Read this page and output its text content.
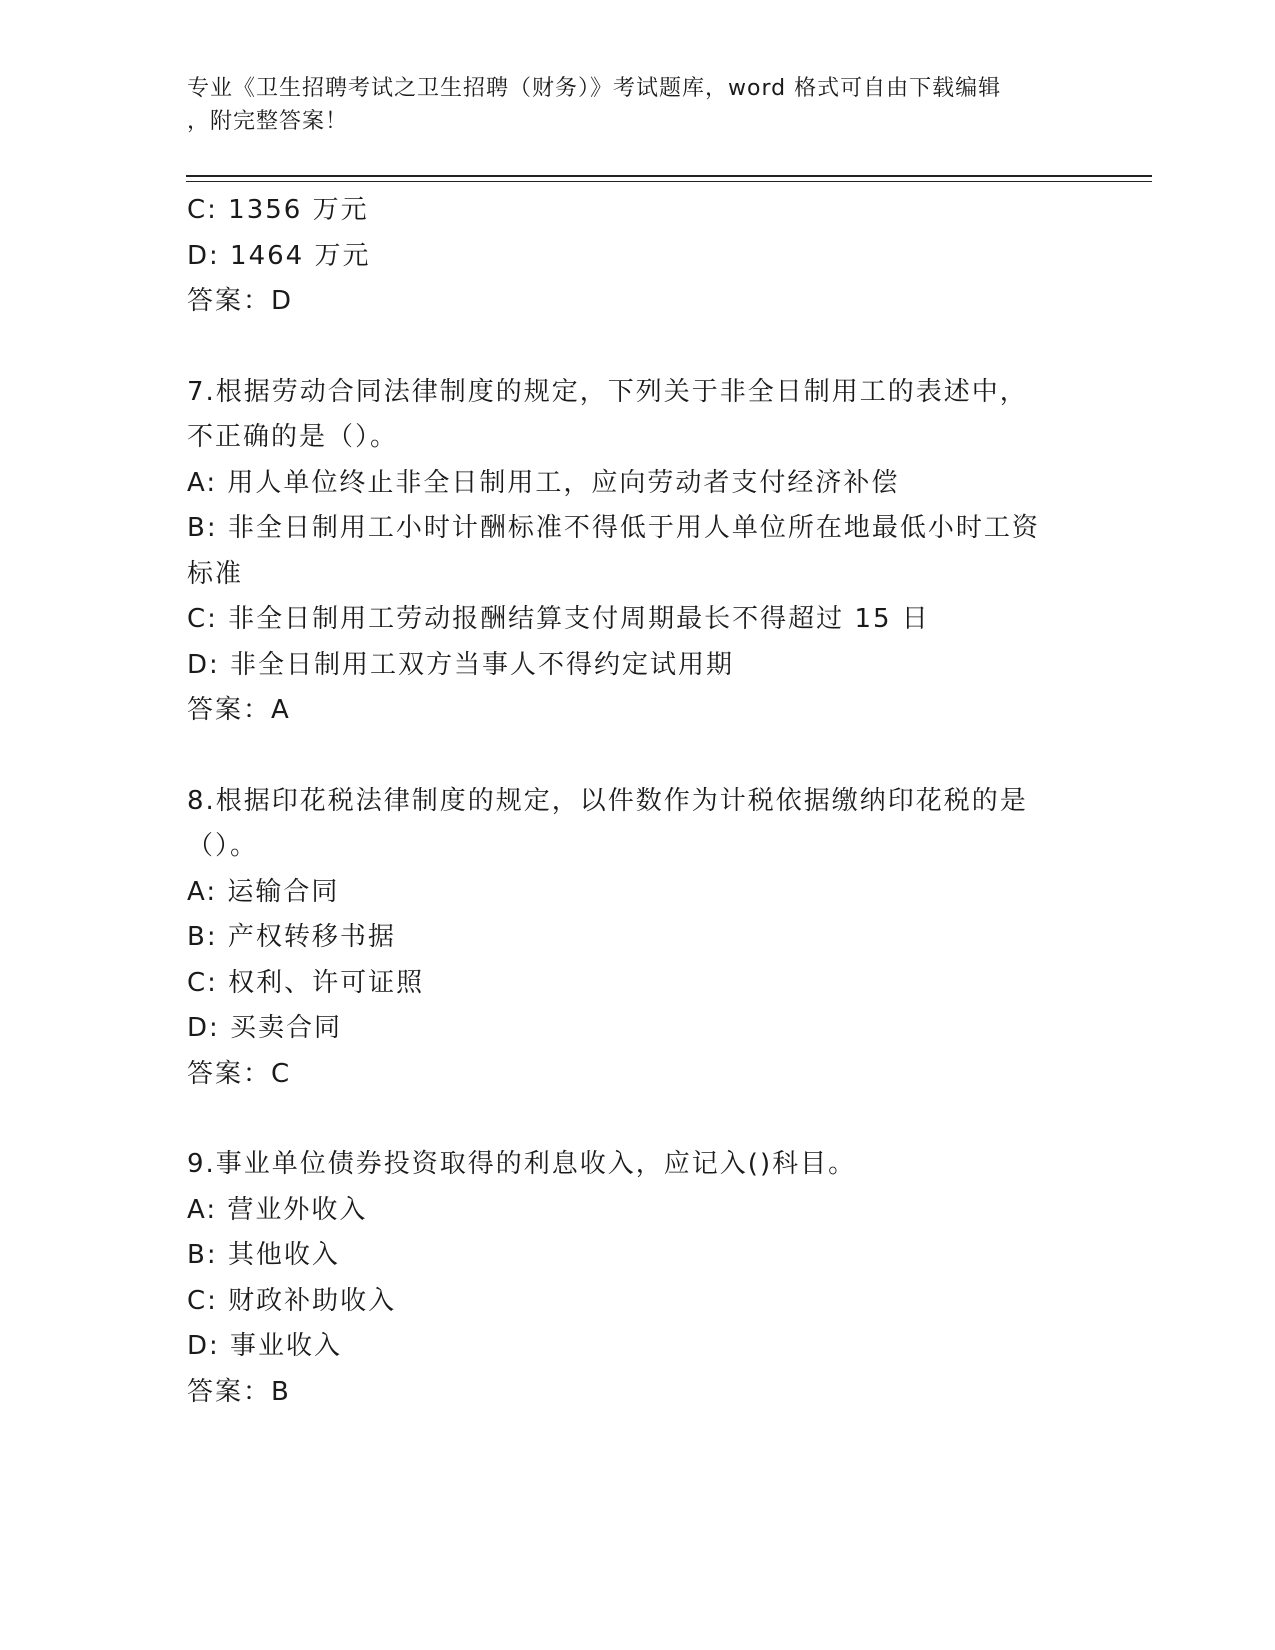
专业《卫生招聘考试之卫生招聘（财务）》考试题库，word 格式可自由下载编辑
，附完整答案！
C: 1356 万元
D: 1464 万元
答案：D
7.根据劳动合同法律制度的规定，下列关于非全日制用工的表述中，
不正确的是（）。
A: 用人单位终止非全日制用工，应向劳动者支付经济补偿
B: 非全日制用工小时计酬标准不得低于用人单位所在地最低小时工资
标准
C: 非全日制用工劳动报酬结算支付周期最长不得超过 15 日
D: 非全日制用工双方当事人不得约定试用期
答案：A
8.根据印花税法律制度的规定，以件数作为计税依据缴纳印花税的是
（）。
A: 运输合同
B: 产权转移书据
C: 权利、许可证照
D: 买卖合同
答案：C
9.事业单位债券投资取得的利息收入，应记入()科目。
A: 营业外收入
B: 其他收入
C: 财政补助收入
D: 事业收入
答案：B
